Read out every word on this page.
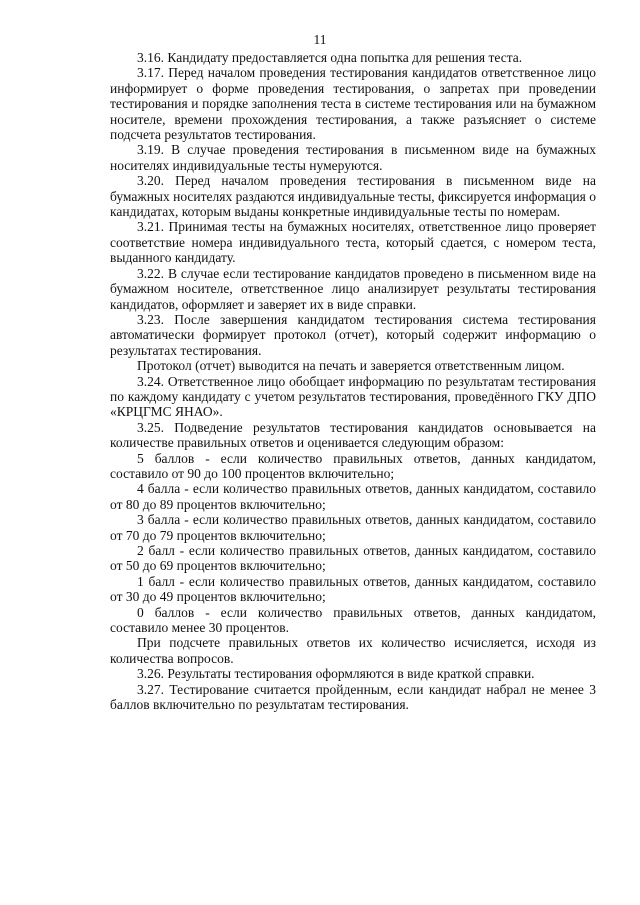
11

3.16. Кандидату предоставляется одна попытка для решения теста.

3.17. Перед началом проведения тестирования кандидатов ответственное лицо информирует о форме проведения тестирования, о запретах при проведении тестирования и порядке заполнения теста в системе тестирования или на бумажном носителе, времени прохождения тестирования, а также разъясняет о системе подсчета результатов тестирования.

3.19. В случае проведения тестирования в письменном виде на бумажных носителях индивидуальные тесты нумеруются.

3.20. Перед началом проведения тестирования в письменном виде на бумажных носителях раздаются индивидуальные тесты, фиксируется информация о кандидатах, которым выданы конкретные индивидуальные тесты по номерам.

3.21. Принимая тесты на бумажных носителях, ответственное лицо проверяет соответствие номера индивидуального теста, который сдается, с номером теста, выданного кандидату.

3.22. В случае если тестирование кандидатов проведено в письменном виде на бумажном носителе, ответственное лицо анализирует результаты тестирования кандидатов, оформляет и заверяет их в виде справки.

3.23. После завершения кандидатом тестирования система тестирования автоматически формирует протокол (отчет), который содержит информацию о результатах тестирования.

Протокол (отчет) выводится на печать и заверяется ответственным лицом.

3.24. Ответственное лицо обобщает информацию по результатам тестирования по каждому кандидату с учетом результатов тестирования, проведённого ГКУ ДПО «КРЦГМС ЯНАО».

3.25. Подведение результатов тестирования кандидатов основывается на количестве правильных ответов и оценивается следующим образом:

5 баллов - если количество правильных ответов, данных кандидатом, составило от 90 до 100 процентов включительно;

4 балла - если количество правильных ответов, данных кандидатом, составило от 80 до 89 процентов включительно;

3 балла - если количество правильных ответов, данных кандидатом, составило от 70 до 79 процентов включительно;

2 балл - если количество правильных ответов, данных кандидатом, составило от 50 до 69 процентов включительно;

1 балл - если количество правильных ответов, данных кандидатом, составило от 30 до 49 процентов включительно;

0 баллов - если количество правильных ответов, данных кандидатом, составило менее 30 процентов.

При подсчете правильных ответов их количество исчисляется, исходя из количества вопросов.

3.26. Результаты тестирования оформляются в виде краткой справки.

3.27. Тестирование считается пройденным, если кандидат набрал не менее 3 баллов включительно по результатам тестирования.
